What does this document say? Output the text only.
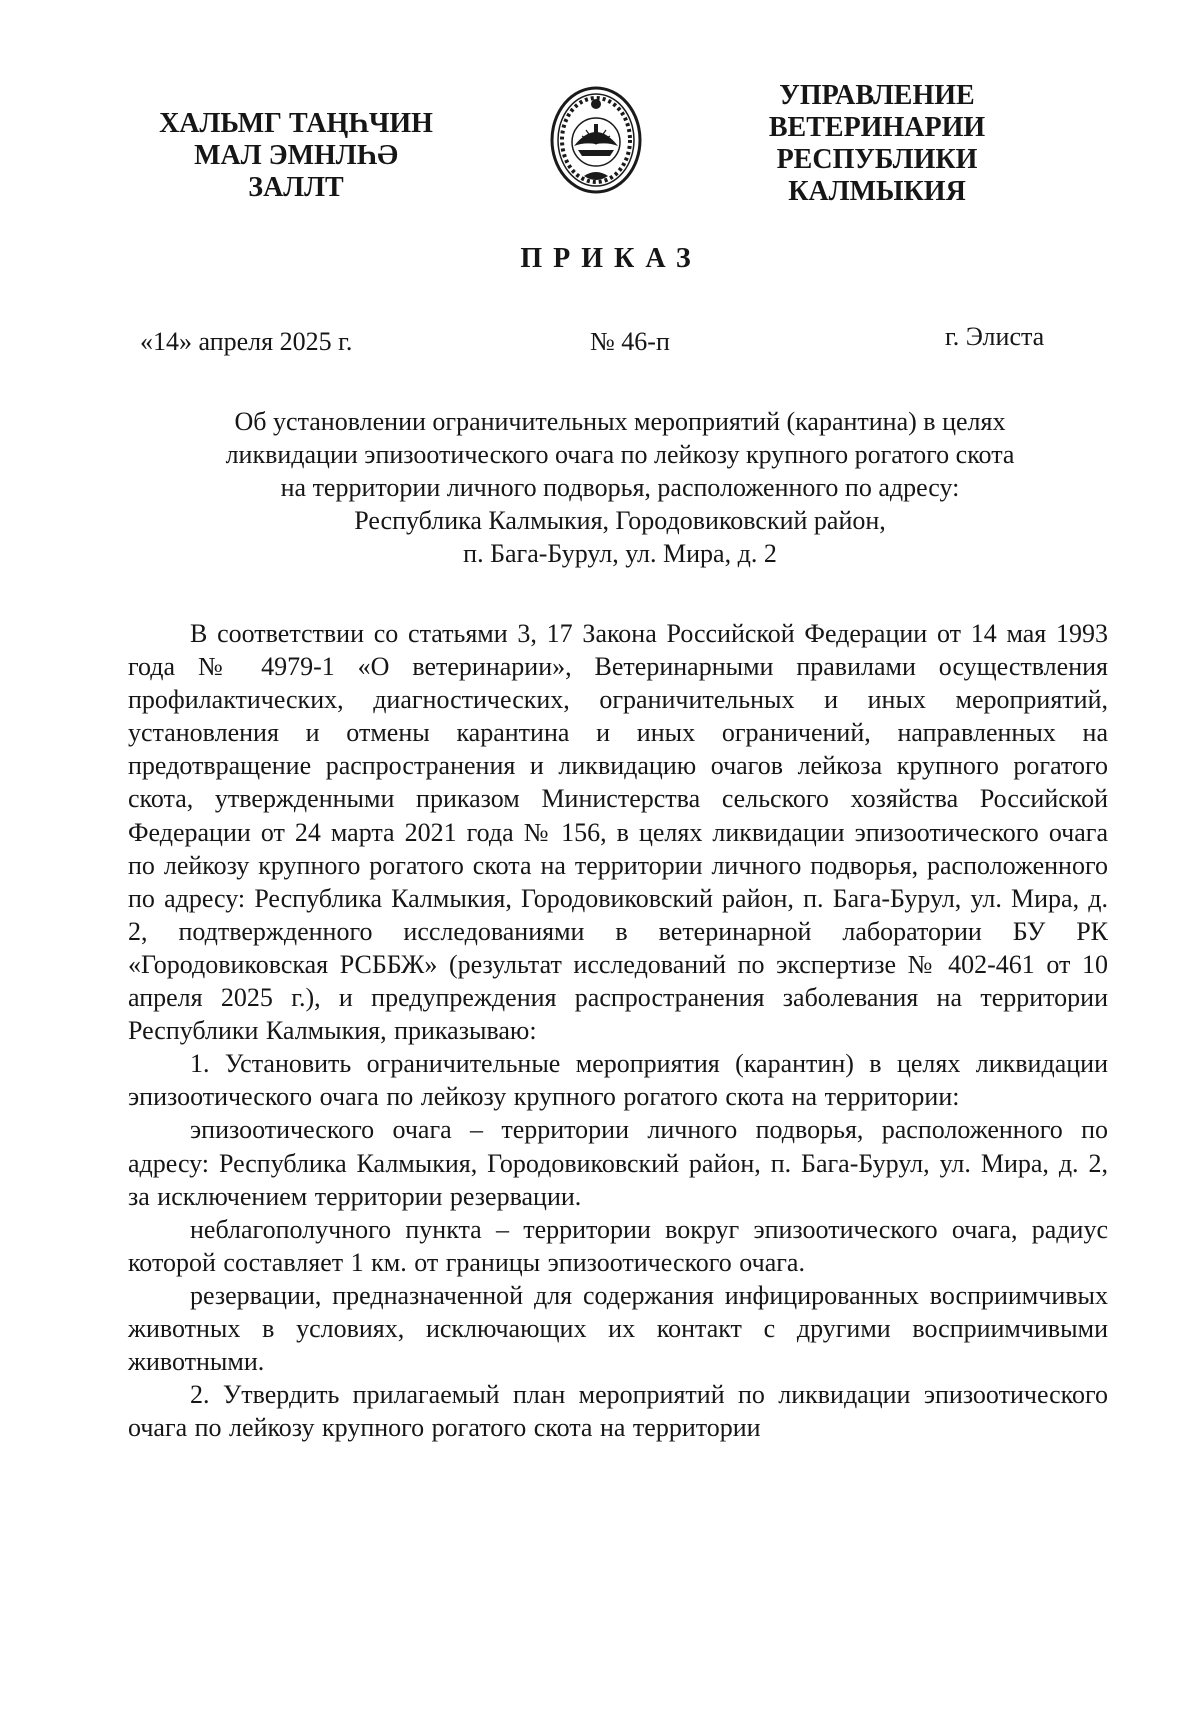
ХАЛЬМГ ТАҢҺЧИН
МАЛ ЭМНЛҺӘ
ЗАЛЛТ
УПРАВЛЕНИЕ
ВЕТЕРИНАРИИ
РЕСПУБЛИКИ
КАЛМЫКИЯ
ПРИКАЗ
«14» апреля 2025 г.	№ 46-п	г. Элиста
Об установлении ограничительных мероприятий (карантина) в целях
ликвидации эпизоотического очага по лейкозу крупного рогатого скота
на территории личного подворья, расположенного по адресу:
Республика Калмыкия, Городовиковский район,
п. Бага-Бурул, ул. Мира, д. 2

В соответствии со статьями 3, 17 Закона Российской Федерации от 14 мая 1993 года № 4979-1 «О ветеринарии», Ветеринарными правилами осуществления профилактических, диагностических, ограничительных и иных мероприятий, установления и отмены карантина и иных ограничений, направленных на предотвращение распространения и ликвидацию очагов лейкоза крупного рогатого скота, утвержденными приказом Министерства сельского хозяйства Российской Федерации от 24 марта 2021 года № 156, в целях ликвидации эпизоотического очага по лейкозу крупного рогатого скота на территории личного подворья, расположенного по адресу: Республика Калмыкия, Городовиковский район, п. Бага-Бурул, ул. Мира, д. 2, подтвержденного исследованиями в ветеринарной лаборатории БУ РК «Городовиковская РСББЖ» (результат исследований по экспертизе № 402-461 от 10 апреля 2025 г.), и предупреждения распространения заболевания на территории Республики Калмыкия, приказываю:

1. Установить ограничительные мероприятия (карантин) в целях ликвидации эпизоотического очага по лейкозу крупного рогатого скота на территории:

эпизоотического очага – территории личного подворья, расположенного по адресу: Республика Калмыкия, Городовиковский район, п. Бага-Бурул, ул. Мира, д. 2, за исключением территории резервации.

неблагополучного пункта – территории вокруг эпизоотического очага, радиус которой составляет 1 км. от границы эпизоотического очага.

резервации, предназначенной для содержания инфицированных восприимчивых животных в условиях, исключающих их контакт с другими восприимчивыми животными.

2. Утвердить прилагаемый план мероприятий по ликвидации эпизоотического очага по лейкозу крупного рогатого скота на территории
